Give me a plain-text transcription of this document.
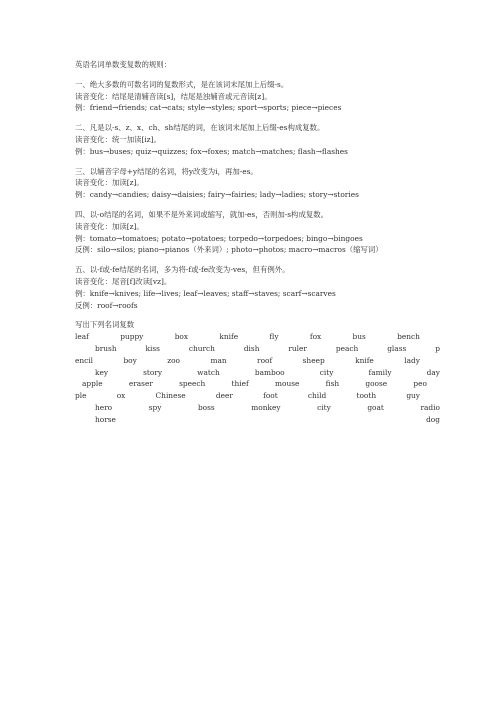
英语名词单数变复数的规则：
一、绝大多数的可数名词的复数形式，是在该词末尾加上后缀-s。
读音变化：结尾是清辅音读[s]，结尾是浊辅音或元音读[z]。
例：friend→friends; cat→cats; style→styles; sport→sports; piece→pieces
二、凡是以-s、z、x、ch、sh结尾的词，在该词末尾加上后缀-es构成复数。
读音变化：统一加读[iz]。
例：bus→buses; quiz→quizzes; fox→foxes; match→matches; flash→flashes
三、以辅音字母+y结尾的名词，将y改变为i，再加-es。
读音变化：加读[z]。
例：candy→candies; daisy→daisies; fairy→fairies; lady→ladies; story→stories
四、以-o结尾的名词，如果不是外来词或缩写，就加-es，否则加-s构成复数。
读音变化：加读[z]。
例：tomato→tomatoes; potato→potatoes; torpedo→torpedoes; bingo→bingoes
反例：silo→silos; piano→pianos（外来词）; photo→photos; macro→macros（缩写词）
五、以-f或-fe结尾的名词，多为将-f或-fe改变为-ves，但有例外。
读音变化：尾音[f]改读[vz]。
例：knife→knives; life→lives; leaf→leaves; staff→staves; scarf→scarves
反例：roof→roofs
写出下列名词复数
leaf	puppy	box	knife	fly	fox	bus	bench
brush	kiss	church	dish	ruler	peach	glass	p
encil	boy	zoo	man	roof	sheep	knife	lady
key	story	watch	bamboo	city	family	day
apple	eraser	speech	thief	mouse	fish	goose	peo
ple	ox	Chinese	deer	foot	child	tooth	guy
hero	spy	boss	monkey	city	goat	radio
horse	dog
